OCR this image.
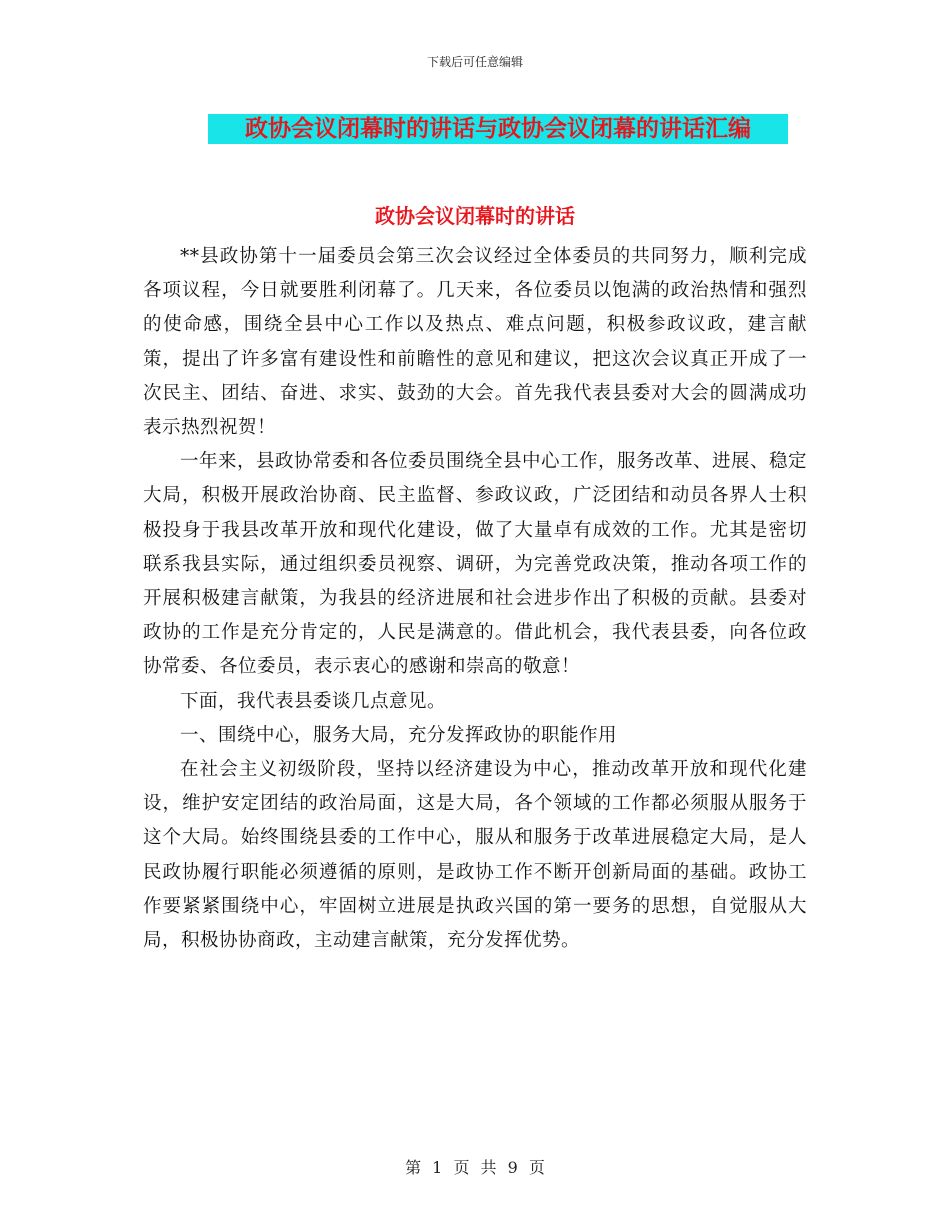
下载后可任意编辑
政协会议闭幕时的讲话与政协会议闭幕的讲话汇编
政协会议闭幕时的讲话

**县政协第十一届委员会第三次会议经过全体委员的共同努力，顺利完成各项议程，今日就要胜利闭幕了。几天来，各位委员以饱满的政治热情和强烈的使命感，围绕全县中心工作以及热点、难点问题，积极参政议政，建言献策，提出了许多富有建设性和前瞻性的意见和建议，把这次会议真正开成了一次民主、团结、奋进、求实、鼓劲的大会。首先我代表县委对大会的圆满成功表示热烈祝贺！

一年来，县政协常委和各位委员围绕全县中心工作，服务改革、进展、稳定大局，积极开展政治协商、民主监督、参政议政，广泛团结和动员各界人士积极投身于我县改革开放和现代化建设，做了大量卓有成效的工作。尤其是密切联系我县实际，通过组织委员视察、调研，为完善党政决策，推动各项工作的开展积极建言献策，为我县的经济进展和社会进步作出了积极的贡献。县委对政协的工作是充分肯定的，人民是满意的。借此机会，我代表县委，向各位政协常委、各位委员，表示衷心的感谢和崇高的敬意！

下面，我代表县委谈几点意见。

一、围绕中心，服务大局，充分发挥政协的职能作用

在社会主义初级阶段，坚持以经济建设为中心，推动改革开放和现代化建设，维护安定团结的政治局面，这是大局，各个领域的工作都必须服从服务于这个大局。始终围绕县委的工作中心，服从和服务于改革进展稳定大局，是人民政协履行职能必须遵循的原则，是政协工作不断开创新局面的基础。政协工作要紧紧围绕中心，牢固树立进展是执政兴国的第一要务的思想，自觉服从大局，积极协协商政，主动建言献策，充分发挥优势。

第 1 页 共 9 页
